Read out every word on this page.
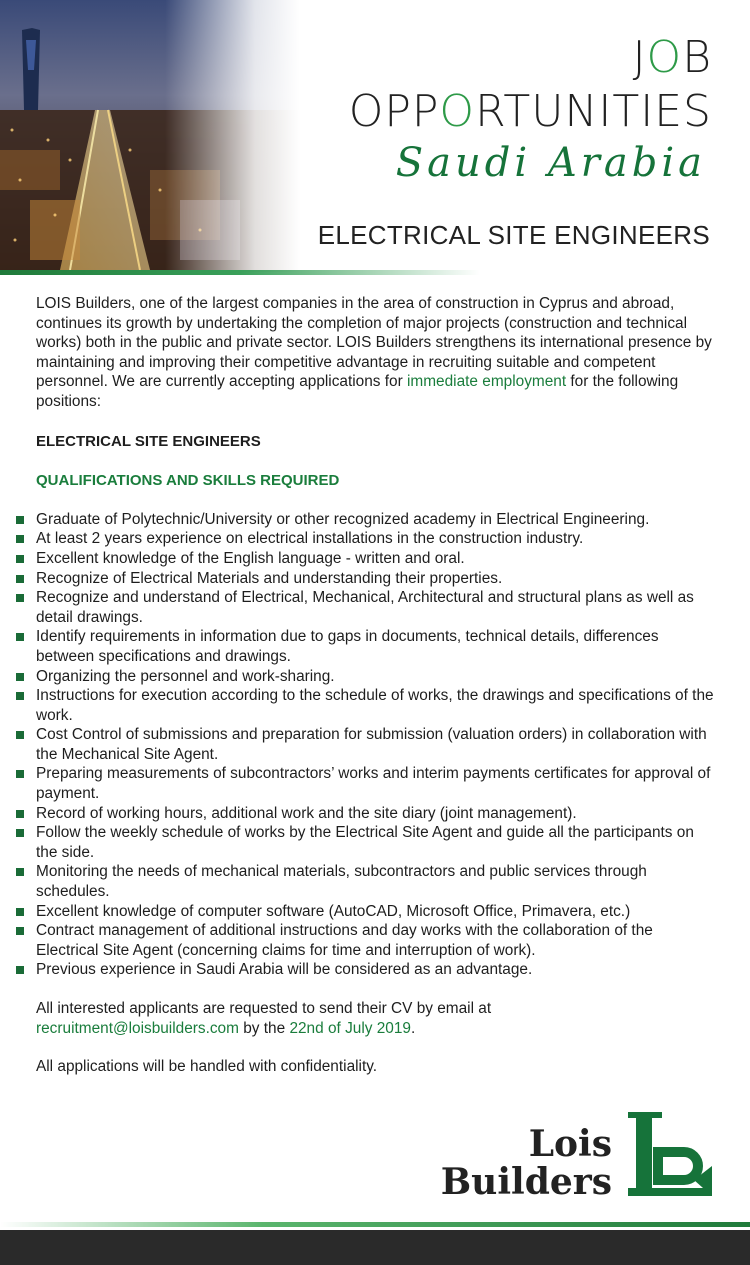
JOB
OPPORTUNITIES
Saudi Arabia
ELECTRICAL SITE ENGINEERS

LOIS Builders, one of the largest companies in the area of construction in Cyprus and abroad, continues its growth by undertaking the completion of major projects (construction and technical works) both in the public and private sector. LOIS Builders strengthens its international presence by maintaining and improving their competitive advantage in recruiting suitable and competent personnel. We are currently accepting applications for immediate employment for the following positions:

ELECTRICAL SITE ENGINEERS
QUALIFICATIONS AND SKILLS REQUIRED
Graduate of Polytechnic/University or other recognized academy in Electrical Engineering.
At least 2 years experience on electrical installations in the construction industry.
Excellent knowledge of the English language - written and oral.
Recognize of Electrical Materials and understanding their properties.
Recognize and understand of Electrical, Mechanical, Architectural and structural plans as well as detail drawings.
Identify requirements in information due to gaps in documents, technical details, differences between specifications and drawings.
Organizing the personnel and work-sharing.
Instructions for execution according to the schedule of works, the drawings and specifications of the work.
Cost Control of submissions and preparation for submission (valuation orders) in collaboration with the Mechanical Site Agent.
Preparing measurements of subcontractors’ works and interim payments certificates for approval of payment.
Record of working hours, additional work and the site diary (joint management).
Follow the weekly schedule of works by the Electrical Site Agent and guide all the participants on the side.
Monitoring the needs of mechanical materials, subcontractors and public services through schedules.
Excellent knowledge of computer software (AutoCAD, Microsoft Office, Primavera, etc.)
Contract management of additional instructions and day works with the collaboration of the Electrical Site Agent (concerning claims for time and interruption of work).
Previous experience in Saudi Arabia will be considered as an advantage.

All interested applicants are requested to send their CV by email at
recruitment@loisbuilders.com by the 22nd of July 2019.

All applications will be handled with confidentiality.

Lois
Builders
